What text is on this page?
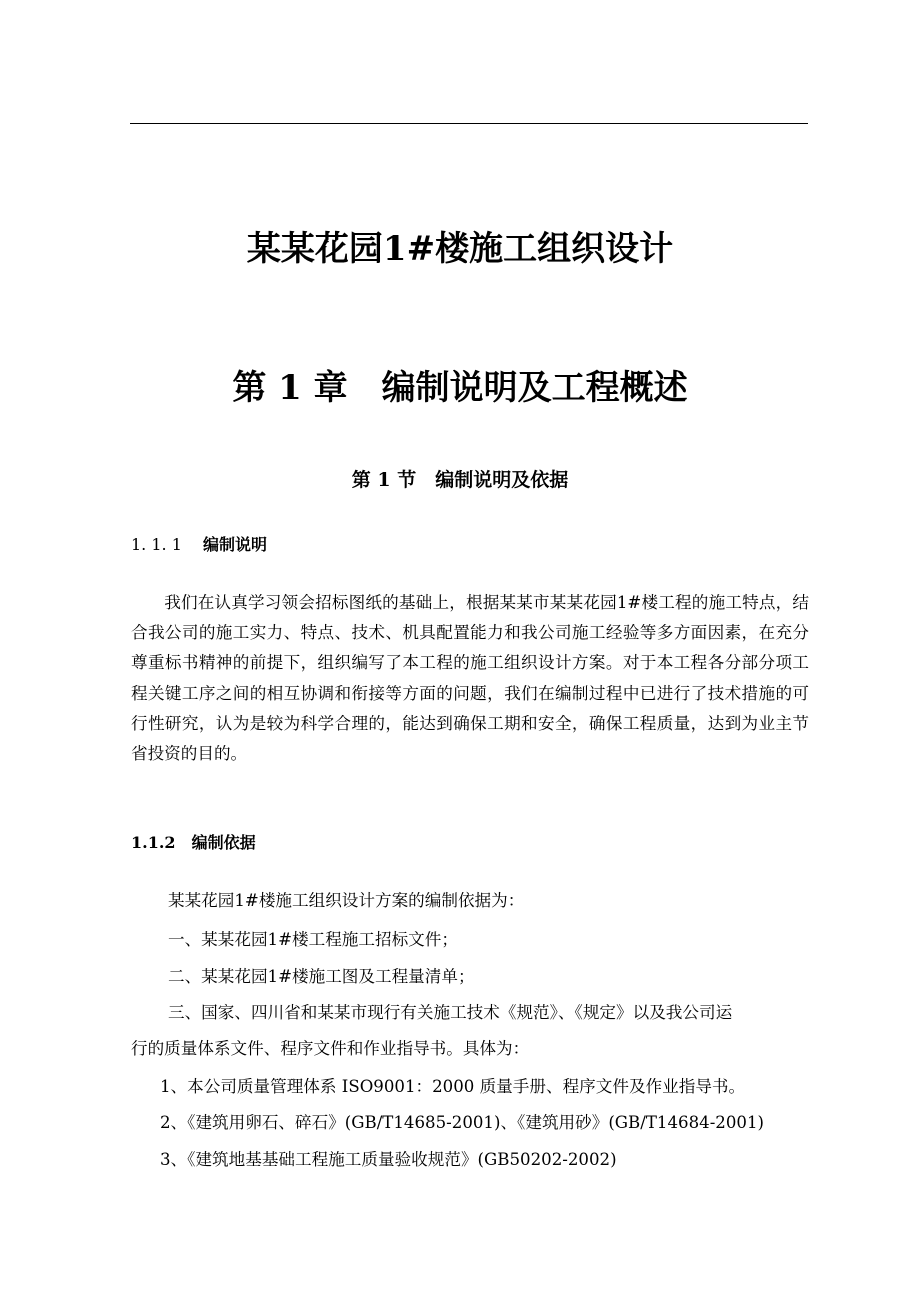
某某花园1#楼施工组织设计
第 1 章　编制说明及工程概述
第 1 节　编制说明及依据
1. 1. 1　 编制说明
我们在认真学习领会招标图纸的基础上，根据某某市某某花园1#楼工程的施工特点，结合我公司的施工实力、特点、技术、机具配置能力和我公司施工经验等多方面因素，在充分尊重标书精神的前提下，组织编写了本工程的施工组织设计方案。对于本工程各分部分项工程关键工序之间的相互协调和衔接等方面的问题，我们在编制过程中已进行了技术措施的可行性研究，认为是较为科学合理的，能达到确保工期和安全，确保工程质量，达到为业主节省投资的目的。
1.1.2　 编制依据
某某花园1#楼施工组织设计方案的编制依据为：
一、某某花园1#楼工程施工招标文件；
二、某某花园1#楼施工图及工程量清单；
三、国家、四川省和某某市现行有关施工技术《规范》、《规定》以及我公司运
行的质量体系文件、程序文件和作业指导书。具体为：
1、本公司质量管理体系 ISO9001：2000 质量手册、程序文件及作业指导书。
2、《建筑用卵石、碎石》(GB/T14685-2001)、《建筑用砂》(GB/T14684-2001)
3、《建筑地基基础工程施工质量验收规范》(GB50202-2002)
